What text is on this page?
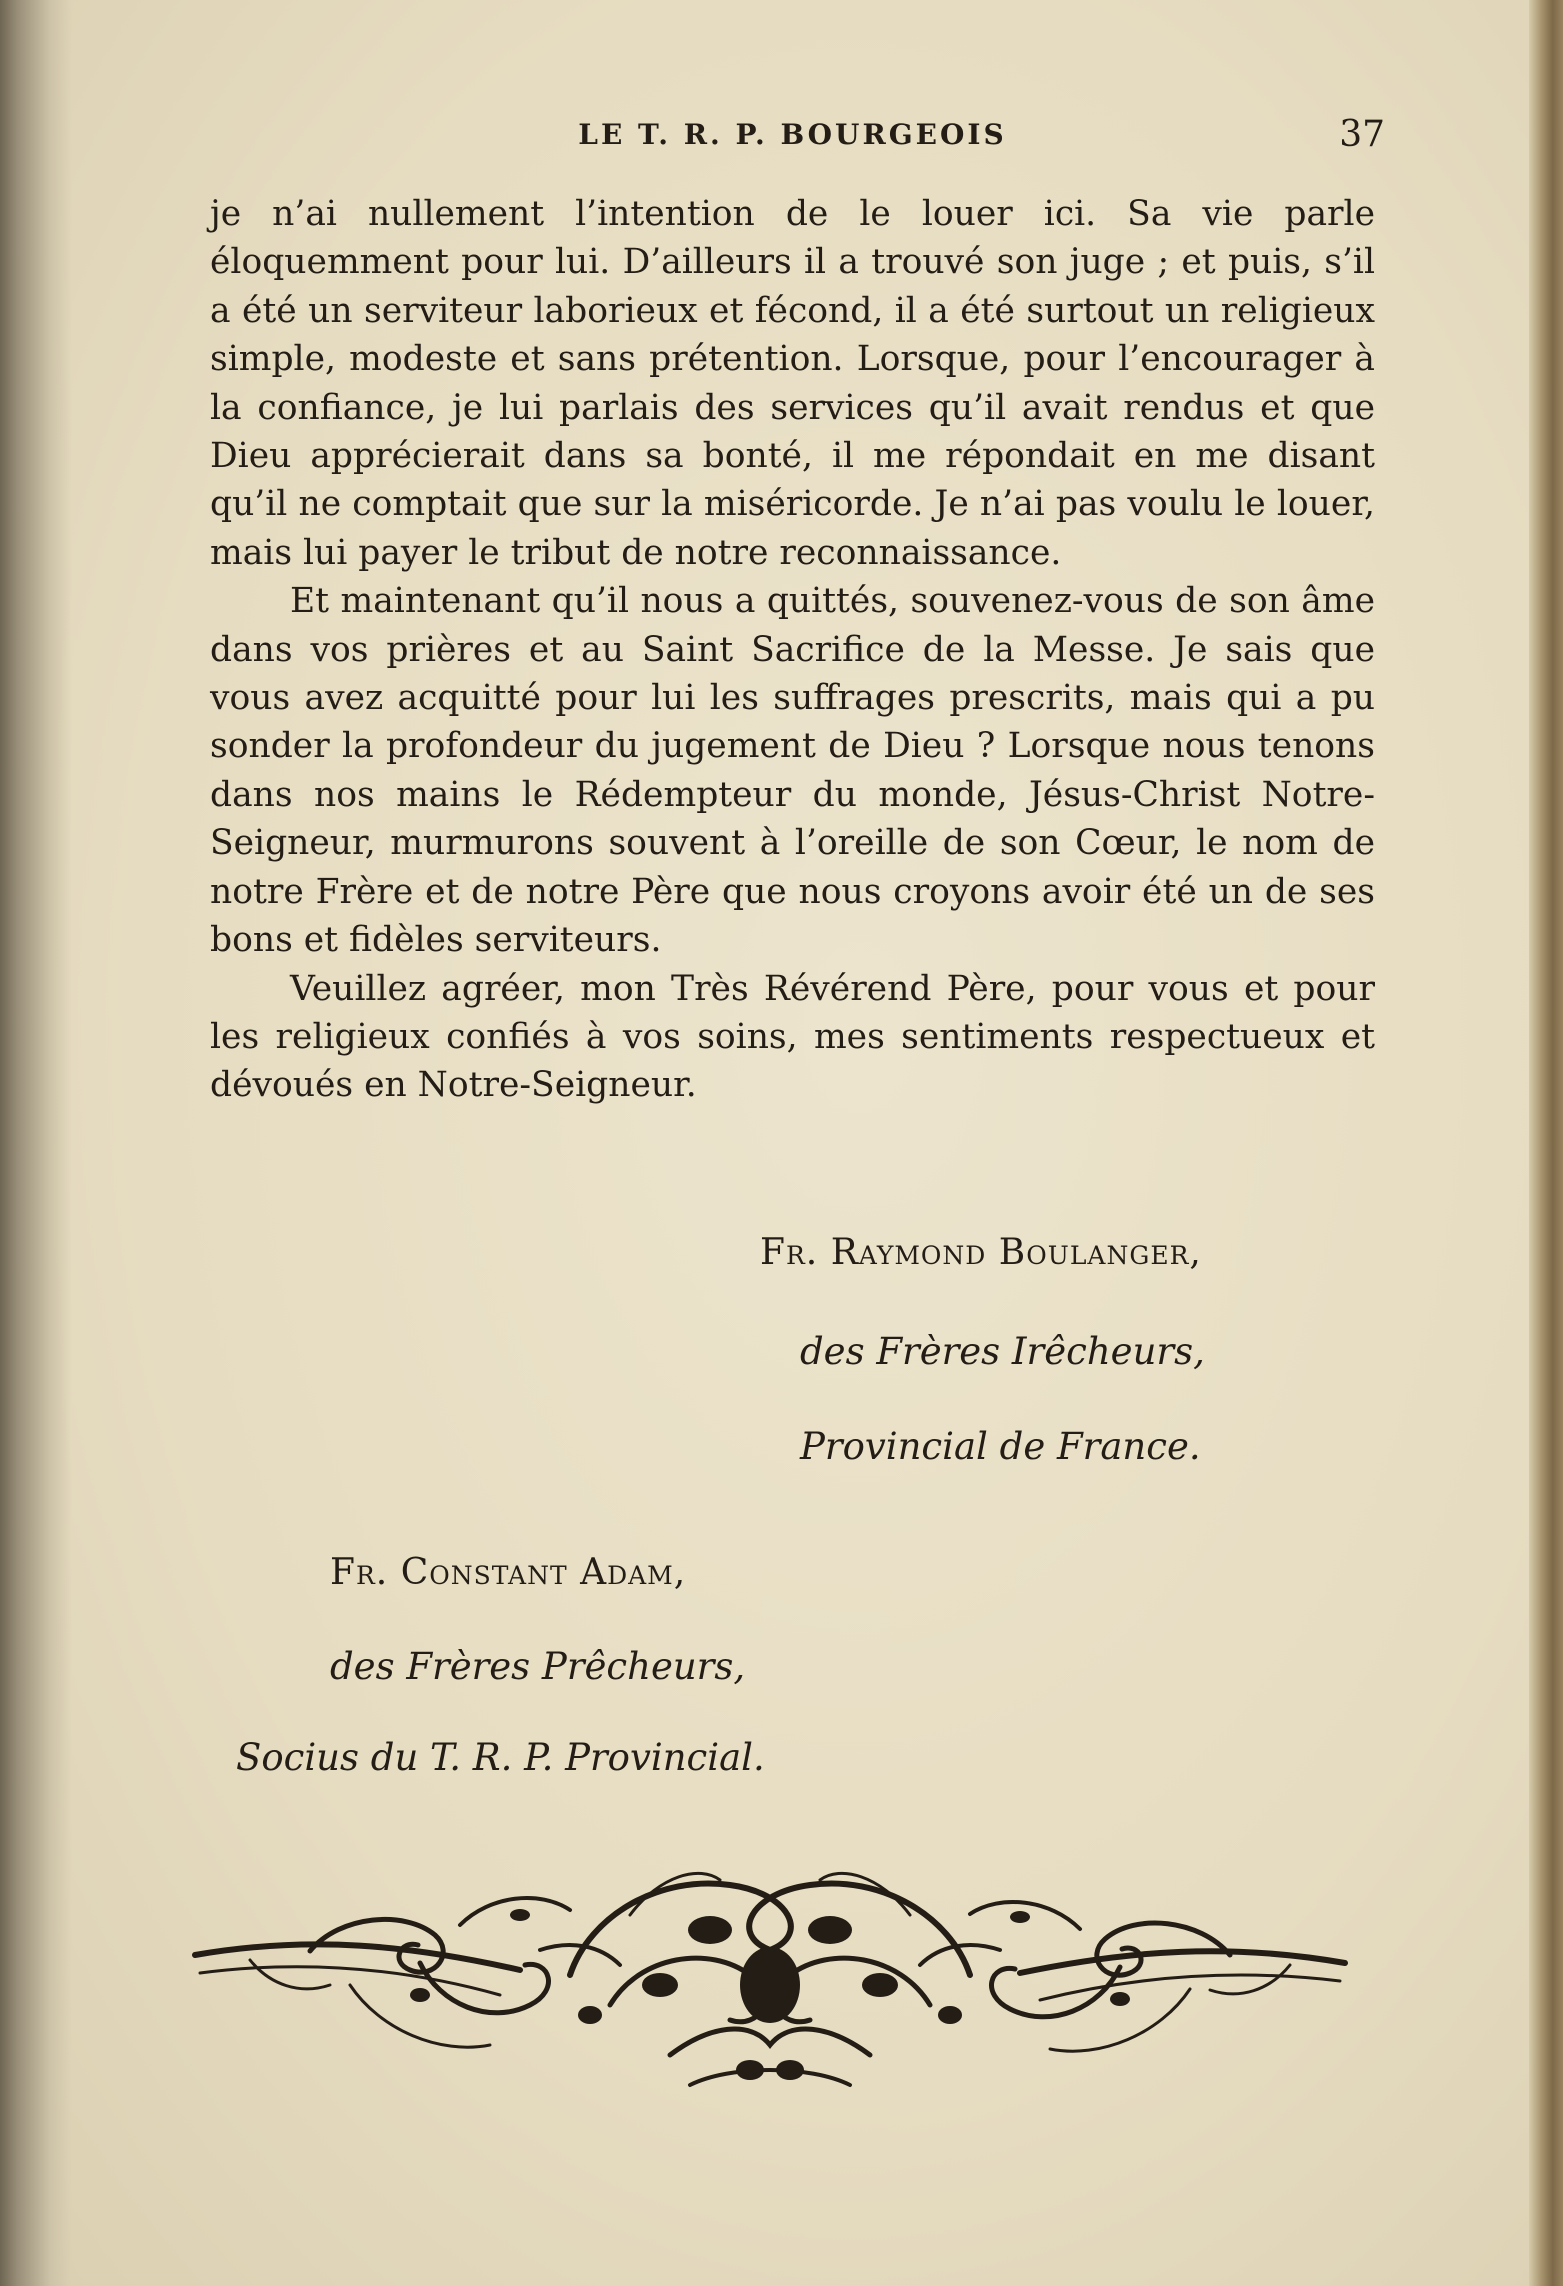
LE T. R. P. BOURGEOIS	37

je n’ai nullement l’intention de le louer ici. Sa vie parle éloquemment pour lui. D’ailleurs il a trouvé son juge ; et puis, s’il a été un serviteur laborieux et fécond, il a été surtout un religieux simple, modeste et sans prétention. Lorsque, pour l’encourager à la confiance, je lui parlais des services qu’il avait rendus et que Dieu apprécierait dans sa bonté, il me répondait en me disant qu’il ne comptait que sur la miséricorde. Je n’ai pas voulu le louer, mais lui payer le tribut de notre reconnaissance.

Et maintenant qu’il nous a quittés, souvenez-vous de son âme dans vos prières et au Saint Sacrifice de la Messe. Je sais que vous avez acquitté pour lui les suffrages prescrits, mais qui a pu sonder la profondeur du jugement de Dieu ? Lorsque nous tenons dans nos mains le Rédempteur du monde, Jésus-Christ Notre-Seigneur, murmurons souvent à l’oreille de son Cœur, le nom de notre Frère et de notre Père que nous croyons avoir été un de ses bons et fidèles serviteurs.

Veuillez agréer, mon Très Révérend Père, pour vous et pour les religieux confiés à vos soins, mes sentiments respectueux et dévoués en Notre-Seigneur.

Fr. Raymond Boulanger,
des Frères Irêcheurs,
Provincial de France.
Fr. Constant Adam,
des Frères Prêcheurs,
Socius du T. R. P. Provincial.
